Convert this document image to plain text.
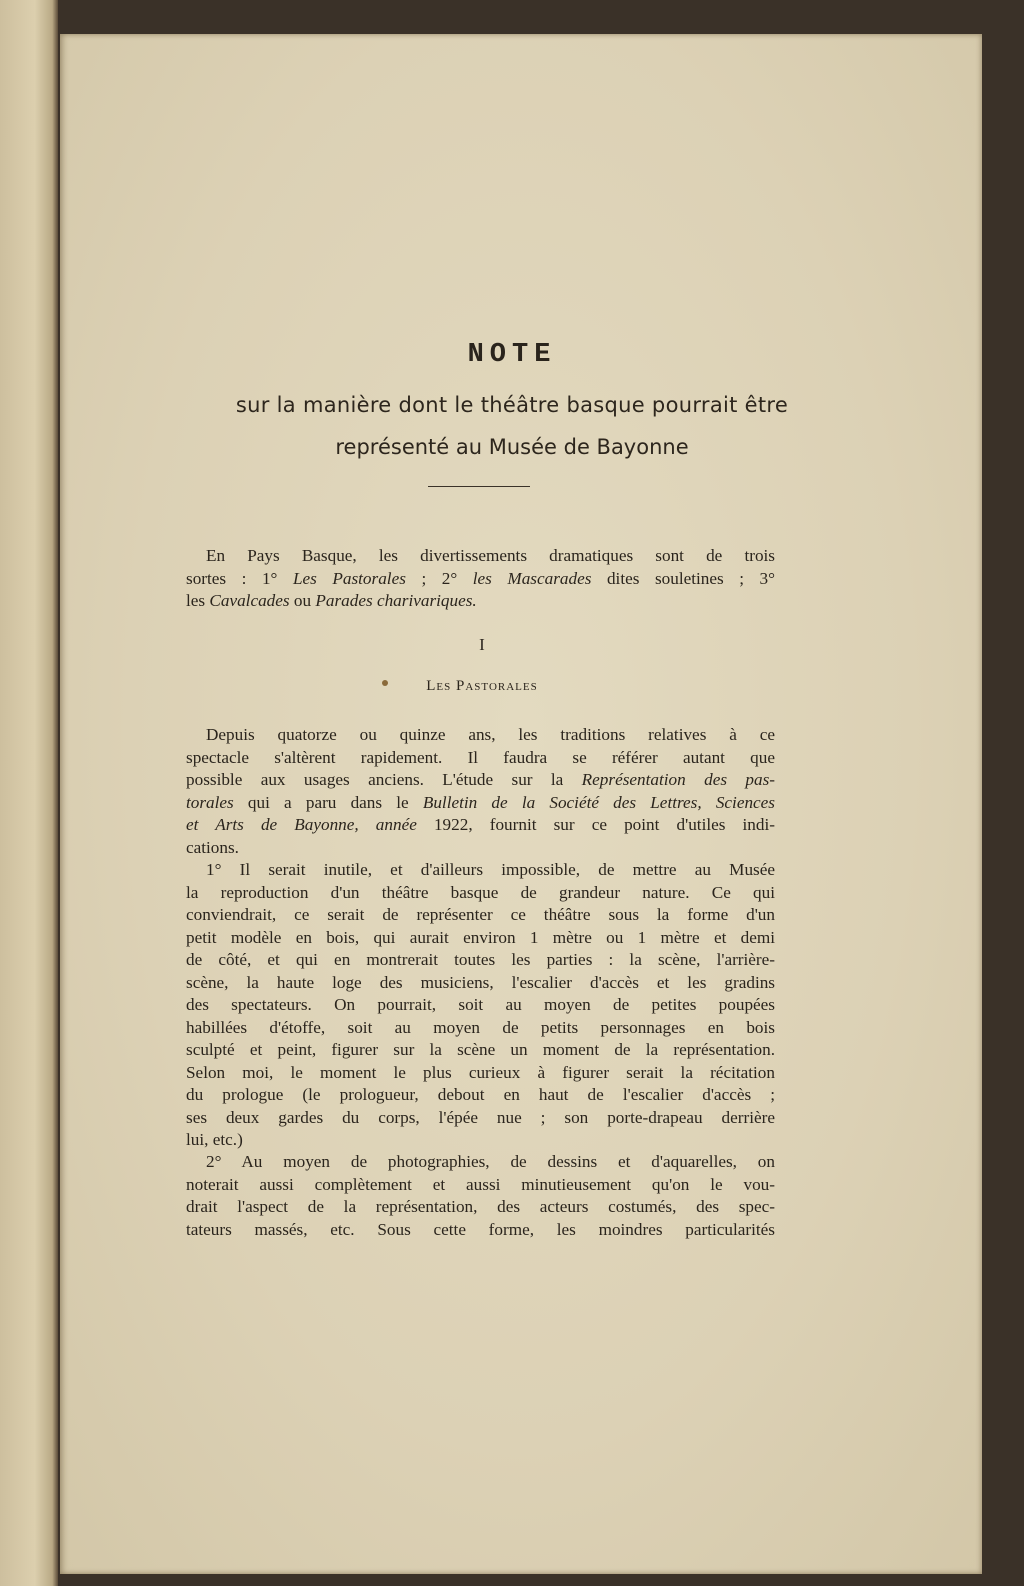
NOTE
sur la manière dont le théâtre basque pourrait être
représenté au Musée de Bayonne
En Pays Basque, les divertissements dramatiques sont de trois
sortes : 1° Les Pastorales ; 2° les Mascarades dites souletines ; 3°
les Cavalcades ou Parades charivariques.
I
Les Pastorales
Depuis quatorze ou quinze ans, les traditions relatives à ce
spectacle s'altèrent rapidement. Il faudra se référer autant que
possible aux usages anciens. L'étude sur la Représentation des pas-
torales qui a paru dans le Bulletin de la Société des Lettres, Sciences
et Arts de Bayonne, année 1922, fournit sur ce point d'utiles indi-
cations.
1° Il serait inutile, et d'ailleurs impossible, de mettre au Musée
la reproduction d'un théâtre basque de grandeur nature. Ce qui
conviendrait, ce serait de représenter ce théâtre sous la forme d'un
petit modèle en bois, qui aurait environ 1 mètre ou 1 mètre et demi
de côté, et qui en montrerait toutes les parties : la scène, l'arrière-
scène, la haute loge des musiciens, l'escalier d'accès et les gradins
des spectateurs. On pourrait, soit au moyen de petites poupées
habillées d'étoffe, soit au moyen de petits personnages en bois
sculpté et peint, figurer sur la scène un moment de la représentation.
Selon moi, le moment le plus curieux à figurer serait la récitation
du prologue (le prologueur, debout en haut de l'escalier d'accès ;
ses deux gardes du corps, l'épée nue ; son porte-drapeau derrière
lui, etc.)
2° Au moyen de photographies, de dessins et d'aquarelles, on
noterait aussi complètement et aussi minutieusement qu'on le vou-
drait l'aspect de la représentation, des acteurs costumés, des spec-
tateurs massés, etc. Sous cette forme, les moindres particularités
